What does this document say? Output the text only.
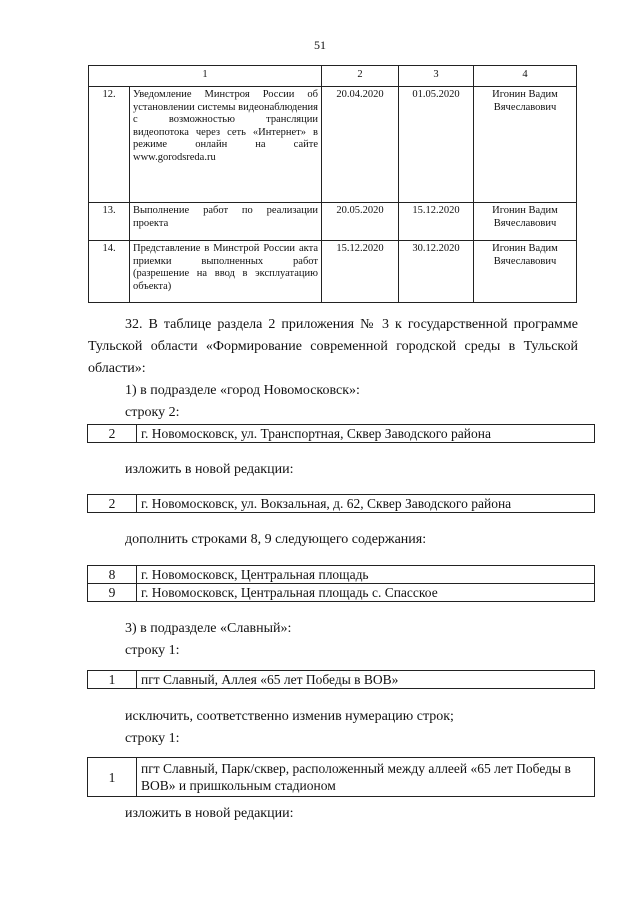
51
1		2	3	4
12.	Уведомление Минстроя России об установлении системы видеонаблюдения с возможностью трансляции видеопотока через сеть «Интернет» в режиме онлайн на сайте www.gorodsreda.ru	20.04.2020	01.05.2020	Игонин Вадим Вячеславович
13.	Выполнение работ по реализации проекта	20.05.2020	15.12.2020	Игонин Вадим Вячеславович
14.	Представление в Минстрой России акта приемки выполненных работ (разрешение на ввод в эксплуатацию объекта)	15.12.2020	30.12.2020	Игонин Вадим Вячеславович
32. В таблице раздела 2 приложения № 3 к государственной программе Тульской области «Формирование современной городской среды в Тульской области»:
1) в подразделе «город Новомосковск»:
строку 2:
2	г. Новомосковск, ул. Транспортная, Сквер Заводского района
изложить в новой редакции:
2	г. Новомосковск, ул. Вокзальная, д. 62, Сквер Заводского района
дополнить строками 8, 9 следующего содержания:
8	г. Новомосковск, Центральная площадь
9	г. Новомосковск, Центральная площадь с. Спасское
3) в подразделе «Славный»:
строку 1:
1	пгт Славный, Аллея «65 лет Победы в ВОВ»
исключить, соответственно изменив нумерацию строк;
строку 1:
1	пгт Славный, Парк/сквер, расположенный между аллеей «65 лет Победы в ВОВ» и пришкольным стадионом
изложить в новой редакции:
